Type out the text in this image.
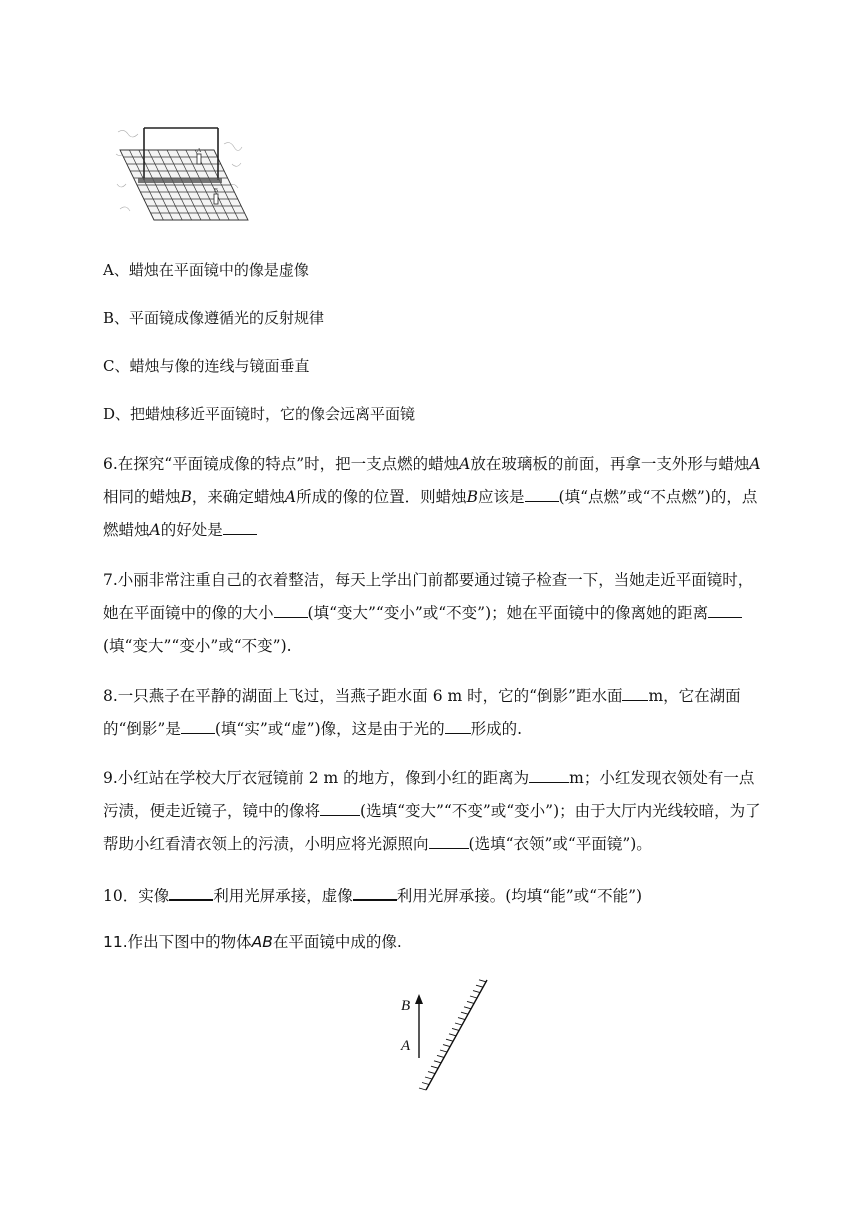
A
B
A、蜡烛在平面镜中的像是虚像
B、平面镜成像遵循光的反射规律
C、蜡烛与像的连线与镜面垂直
D、把蜡烛移近平面镜时，它的像会远离平面镜
6.在探究“平面镜成像的特点”时，把一支点燃的蜡烛A放在玻璃板的前面，再拿一支外形与蜡烛A相同的蜡烛B，来确定蜡烛A所成的像的位置．则蜡烛B应该是 (填“点燃”或“不点燃”)的，点燃蜡烛A的好处是
7.小丽非常注重自己的衣着整洁，每天上学出门前都要通过镜子检查一下，当她走近平面镜时，她在平面镜中的像的大小 (填“变大”“变小”或“不变”)；她在平面镜中的像离她的距离(填“变大”“变小”或“不变”).
8.一只燕子在平静的湖面上飞过，当燕子距水面 6 m 时，它的“倒影”距水面 m，它在湖面的“倒影”是 (填“实”或“虚”)像，这是由于光的 形成的.
9.小红站在学校大厅衣冠镜前 2 m 的地方，像到小红的距离为	m；小红发现衣领处有一点污渍，便走近镜子，镜中的像将	(选填“变大”“不变”或“变小”)；由于大厅内光线较暗，为了帮助小红看清衣领上的污渍，小明应将光源照向	(选填“衣领”或“平面镜”)。
10．实像	利用光屏承接，虚像	利用光屏承接。(均填“能”或“不能”)
11.作出下图中的物体AB在平面镜中成的像.
B
A
